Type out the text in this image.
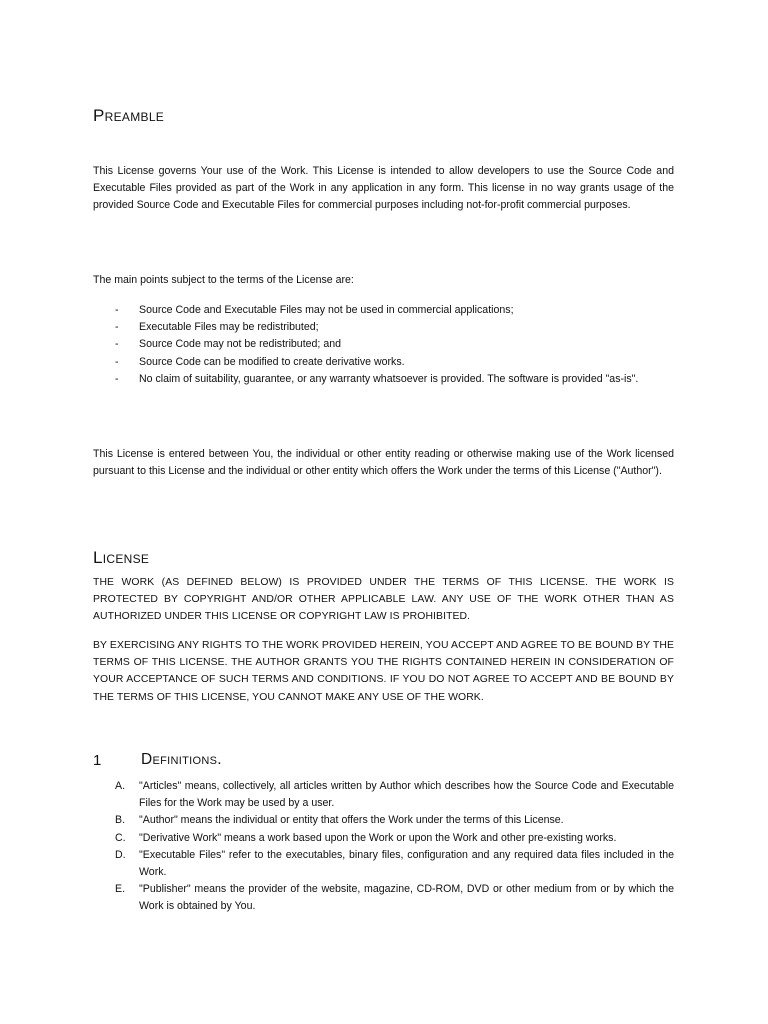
Preamble

This License governs Your use of the Work. This License is intended to allow developers to use the Source Code and Executable Files provided as part of the Work in any application in any form. This license in no way grants usage of the provided Source Code and Executable Files for commercial purposes including not-for-profit commercial purposes.

The main points subject to the terms of the License are:

- Source Code and Executable Files may not be used in commercial applications;
- Executable Files may be redistributed;
- Source Code may not be redistributed; and
- Source Code can be modified to create derivative works.
- No claim of suitability, guarantee, or any warranty whatsoever is provided. The software is provided "as-is".

This License is entered between You, the individual or other entity reading or otherwise making use of the Work licensed pursuant to this License and the individual or other entity which offers the Work under the terms of this License ("Author").

License

THE WORK (AS DEFINED BELOW) IS PROVIDED UNDER THE TERMS OF THIS LICENSE. THE WORK IS PROTECTED BY COPYRIGHT AND/OR OTHER APPLICABLE LAW. ANY USE OF THE WORK OTHER THAN AS AUTHORIZED UNDER THIS LICENSE OR COPYRIGHT LAW IS PROHIBITED.

BY EXERCISING ANY RIGHTS TO THE WORK PROVIDED HEREIN, YOU ACCEPT AND AGREE TO BE BOUND BY THE TERMS OF THIS LICENSE. THE AUTHOR GRANTS YOU THE RIGHTS CONTAINED HEREIN IN CONSIDERATION OF YOUR ACCEPTANCE OF SUCH TERMS AND CONDITIONS. IF YOU DO NOT AGREE TO ACCEPT AND BE BOUND BY THE TERMS OF THIS LICENSE, YOU CANNOT MAKE ANY USE OF THE WORK.

1	Definitions.
A. "Articles" means, collectively, all articles written by Author which describes how the Source Code and Executable Files for the Work may be used by a user.
B. "Author" means the individual or entity that offers the Work under the terms of this License.
C. "Derivative Work" means a work based upon the Work or upon the Work and other pre-existing works.
D. "Executable Files" refer to the executables, binary files, configuration and any required data files included in the Work.
E. "Publisher" means the provider of the website, magazine, CD-ROM, DVD or other medium from or by which the Work is obtained by You.
